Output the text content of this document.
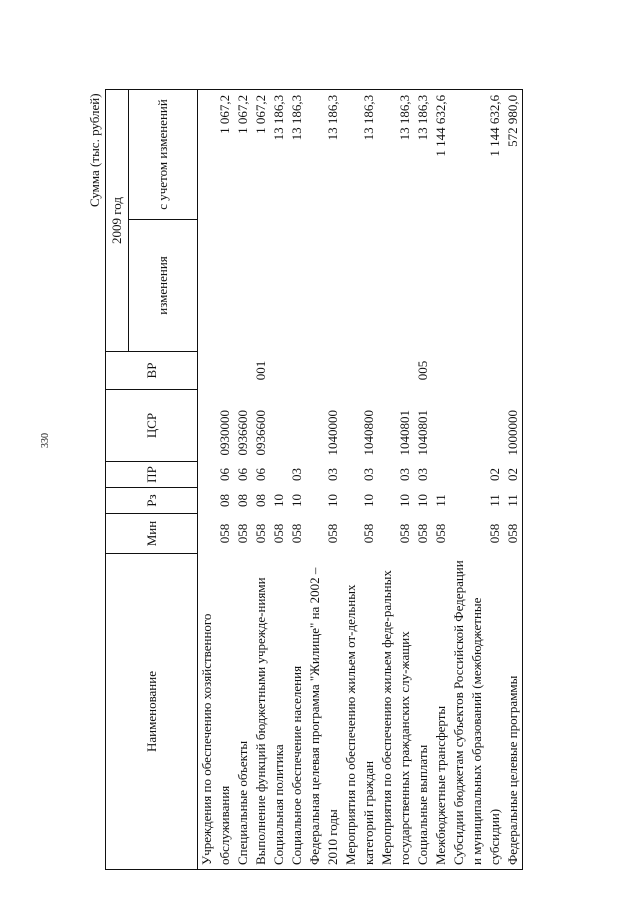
330
Сумма (тыс. рублей)							
Наименование	Мин	Рз	ПР	ЦСР	ВР	2009 год	
						изменения	с учетом изменений
Учреждения по обеспечению хозяйственного обслуживания	058	08	06	0930000			1 067,2
Специальные объекты	058	08	06	0936600			1 067,2
Выполнение функций бюджетными учрежде-ниями	058	08	06	0936600	001		1 067,2
Социальная политика	058	10					13 186,3
Социальное обеспечение населения	058	10	03				13 186,3
Федеральная целевая программа "Жилище" на 2002 – 2010 годы	058	10	03	1040000			13 186,3
Мероприятия по обеспечению жильем от-дельных категорий граждан	058	10	03	1040800			13 186,3
Мероприятия по обеспечению жильем феде-ральных государственных гражданских слу-жащих	058	10	03	1040801			13 186,3
Социальные выплаты	058	10	03	1040801	005		13 186,3
Межбюджетные трансферты	058	11					1 144 632,6
Субсидии бюджетам субъектов Российской Федерации и муниципальных образований (межбюджетные субсидии)	058	11	02				1 144 632,6
Федеральные целевые программы	058	11	02	1000000			572 980,0
